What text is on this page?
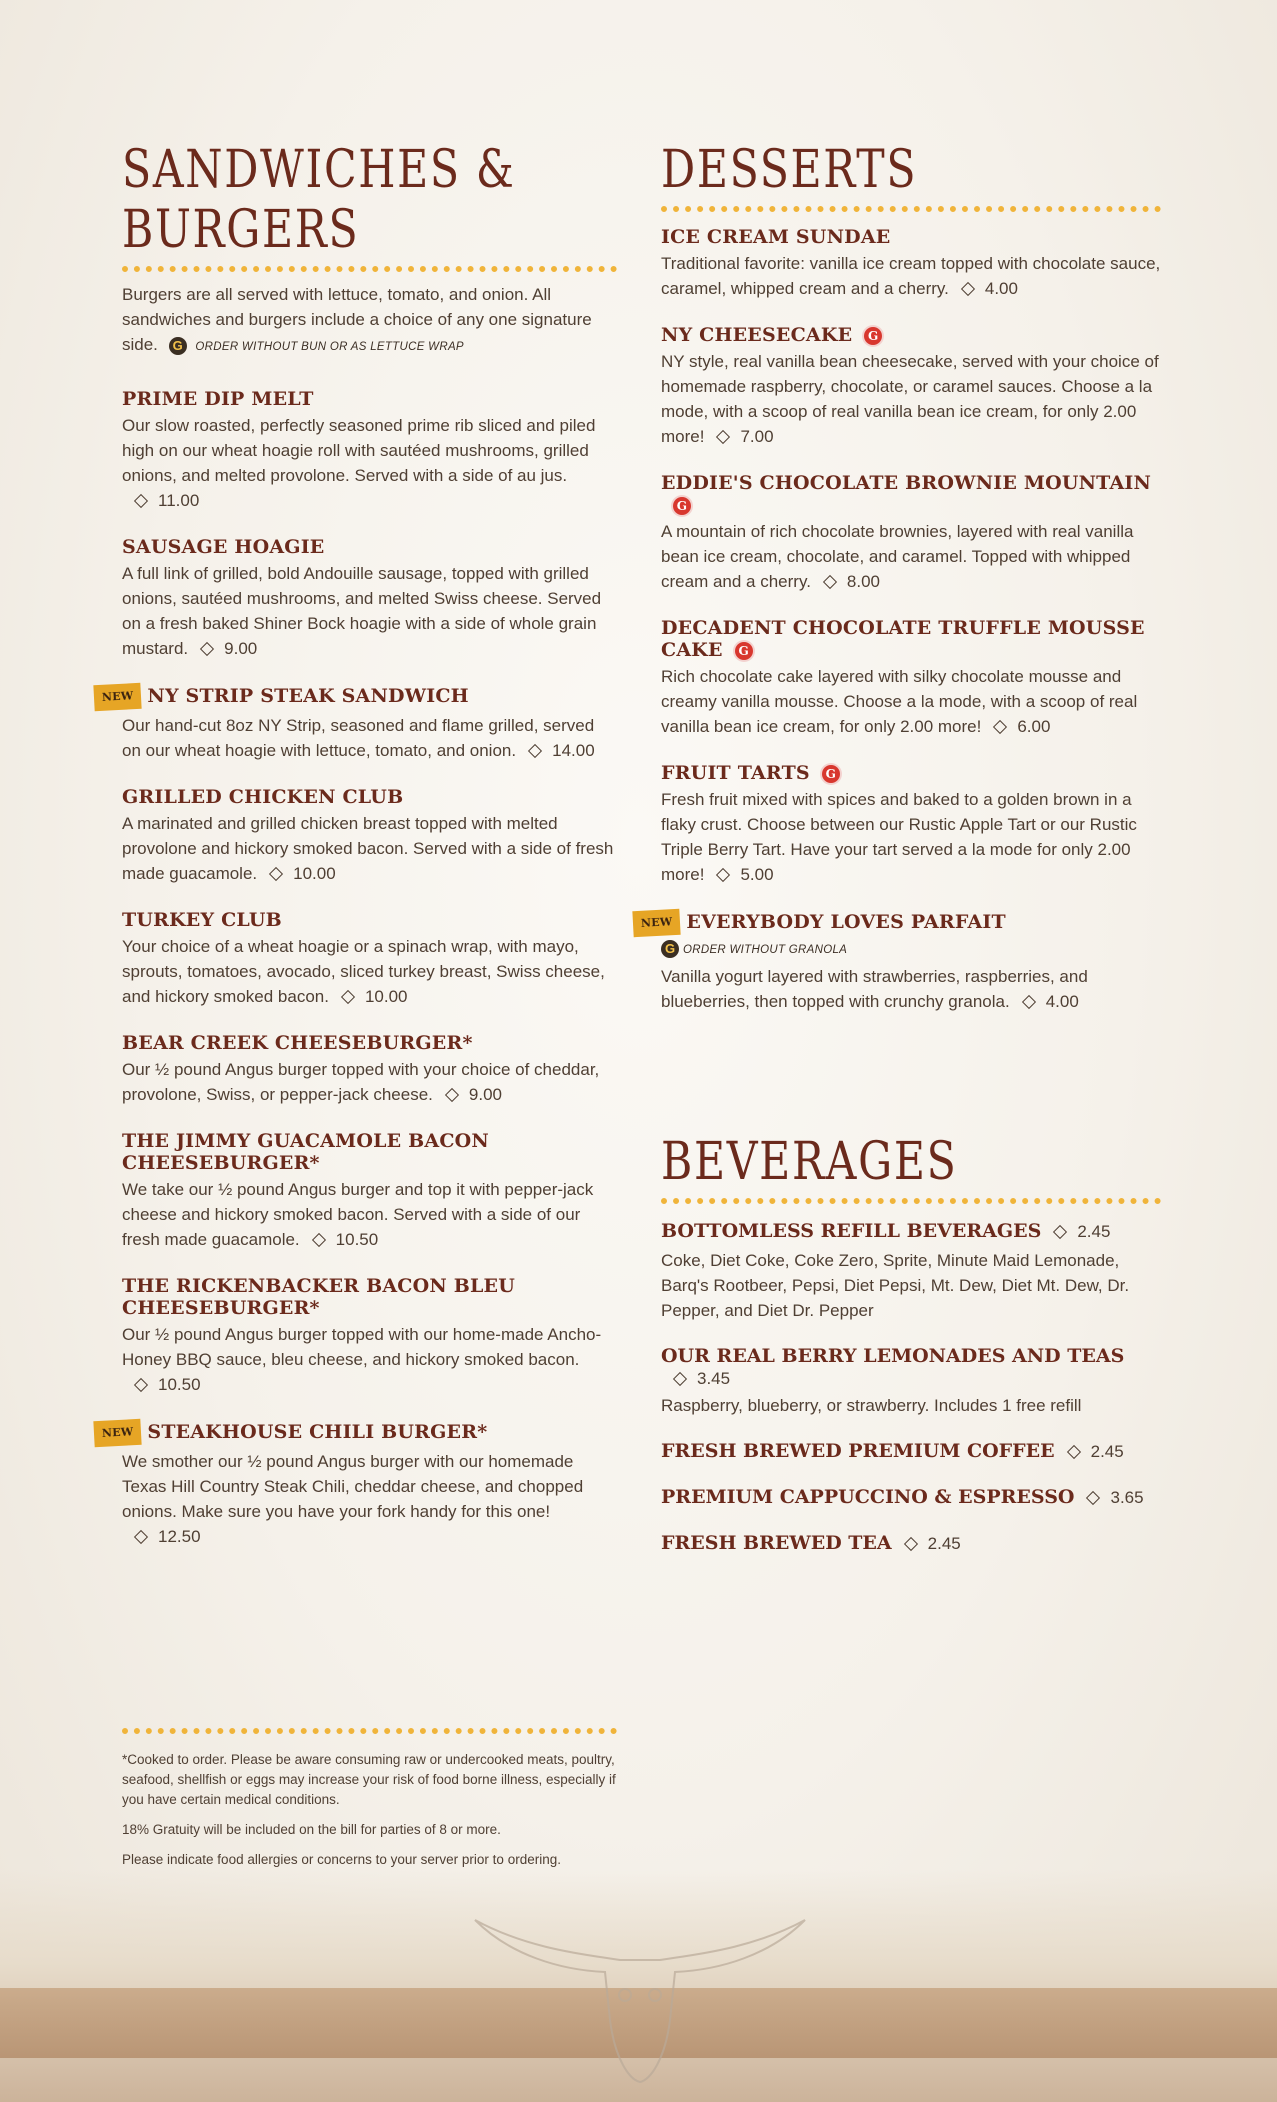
SANDWICHES & BURGERS

Burgers are all served with lettuce, tomato, and onion. All sandwiches and burgers include a choice of any one signature side. G ORDER WITHOUT BUN OR AS LETTUCE WRAP

PRIME DIP MELT

Our slow roasted, perfectly seasoned prime rib sliced and piled high on our wheat hoagie roll with sautéed mushrooms, grilled onions, and melted provolone. Served with a side of au jus.11.00

SAUSAGE HOAGIE

A full link of grilled, bold Andouille sausage, topped with grilled onions, sautéed mushrooms, and melted Swiss cheese. Served on a fresh baked Shiner Bock hoagie with a side of whole grain mustard. 9.00

NEW NY STRIP STEAK SANDWICH

Our hand-cut 8oz NY Strip, seasoned and flame grilled, served on our wheat hoagie with lettuce, tomato, and onion. 14.00

GRILLED CHICKEN CLUB

A marinated and grilled chicken breast topped with melted provolone and hickory smoked bacon. Served with a side of fresh made guacamole. 10.00

TURKEY CLUB

Your choice of a wheat hoagie or a spinach wrap, with mayo, sprouts, tomatoes, avocado, sliced turkey breast, Swiss cheese, and hickory smoked bacon. 10.00

BEAR CREEK CHEESEBURGER*

Our ½ pound Angus burger topped with your choice of cheddar, provolone, Swiss, or pepper-jack cheese. 9.00

THE JIMMY GUACAMOLE BACON CHEESEBURGER*

We take our ½ pound Angus burger and top it with pepper-jack cheese and hickory smoked bacon. Served with a side of our fresh made guacamole. 10.50

THE RICKENBACKER BACON BLEU CHEESEBURGER*

Our ½ pound Angus burger topped with our home-made Ancho-Honey BBQ sauce, bleu cheese, and hickory smoked bacon.10.50

NEW STEAKHOUSE CHILI BURGER*

We smother our ½ pound Angus burger with our homemade Texas Hill Country Steak Chili, cheddar cheese, and chopped onions. Make sure you have your fork handy for this one!12.50

DESSERTS
ICE CREAM SUNDAE

Traditional favorite: vanilla ice cream topped with chocolate sauce, caramel, whipped cream and a cherry. 4.00

NY CHEESECAKE G

NY style, real vanilla bean cheesecake, served with your choice of homemade raspberry, chocolate, or caramel sauces. Choose a la mode, with a scoop of real vanilla bean ice cream, for only 2.00 more! 7.00

EDDIE'S CHOCOLATE BROWNIE MOUNTAING

A mountain of rich chocolate brownies, layered with real vanilla bean ice cream, chocolate, and caramel. Topped with whipped cream and a cherry. 8.00

DECADENT CHOCOLATE TRUFFLE MOUSSE CAKE G

Rich chocolate cake layered with silky chocolate mousse and creamy vanilla mousse. Choose a la mode, with a scoop of real vanilla bean ice cream, for only 2.00 more! 6.00

FRUIT TARTS G

Fresh fruit mixed with spices and baked to a golden brown in a flaky crust. Choose between our Rustic Apple Tart or our Rustic Triple Berry Tart. Have your tart served a la mode for only 2.00 more! 5.00

NEW EVERYBODY LOVES PARFAIT
G ORDER WITHOUT GRANOLA

Vanilla yogurt layered with strawberries, raspberries, and blueberries, then topped with crunchy granola. 4.00

BEVERAGES
BOTTOMLESS REFILL BEVERAGES 2.45

Coke, Diet Coke, Coke Zero, Sprite, Minute Maid Lemonade, Barq's Rootbeer, Pepsi, Diet Pepsi, Mt. Dew, Diet Mt. Dew, Dr. Pepper, and Diet Dr. Pepper

OUR REAL BERRY LEMONADES AND TEAS3.45

Raspberry, blueberry, or strawberry. Includes 1 free refill

FRESH BREWED PREMIUM COFFEE 2.45
PREMIUM CAPPUCCINO & ESPRESSO 3.65
FRESH BREWED TEA 2.45

*Cooked to order. Please be aware consuming raw or undercooked meats, poultry, seafood, shellfish or eggs may increase your risk of food borne illness, especially if you have certain medical conditions.

18% Gratuity will be included on the bill for parties of 8 or more.

Please indicate food allergies or concerns to your server prior to ordering.
